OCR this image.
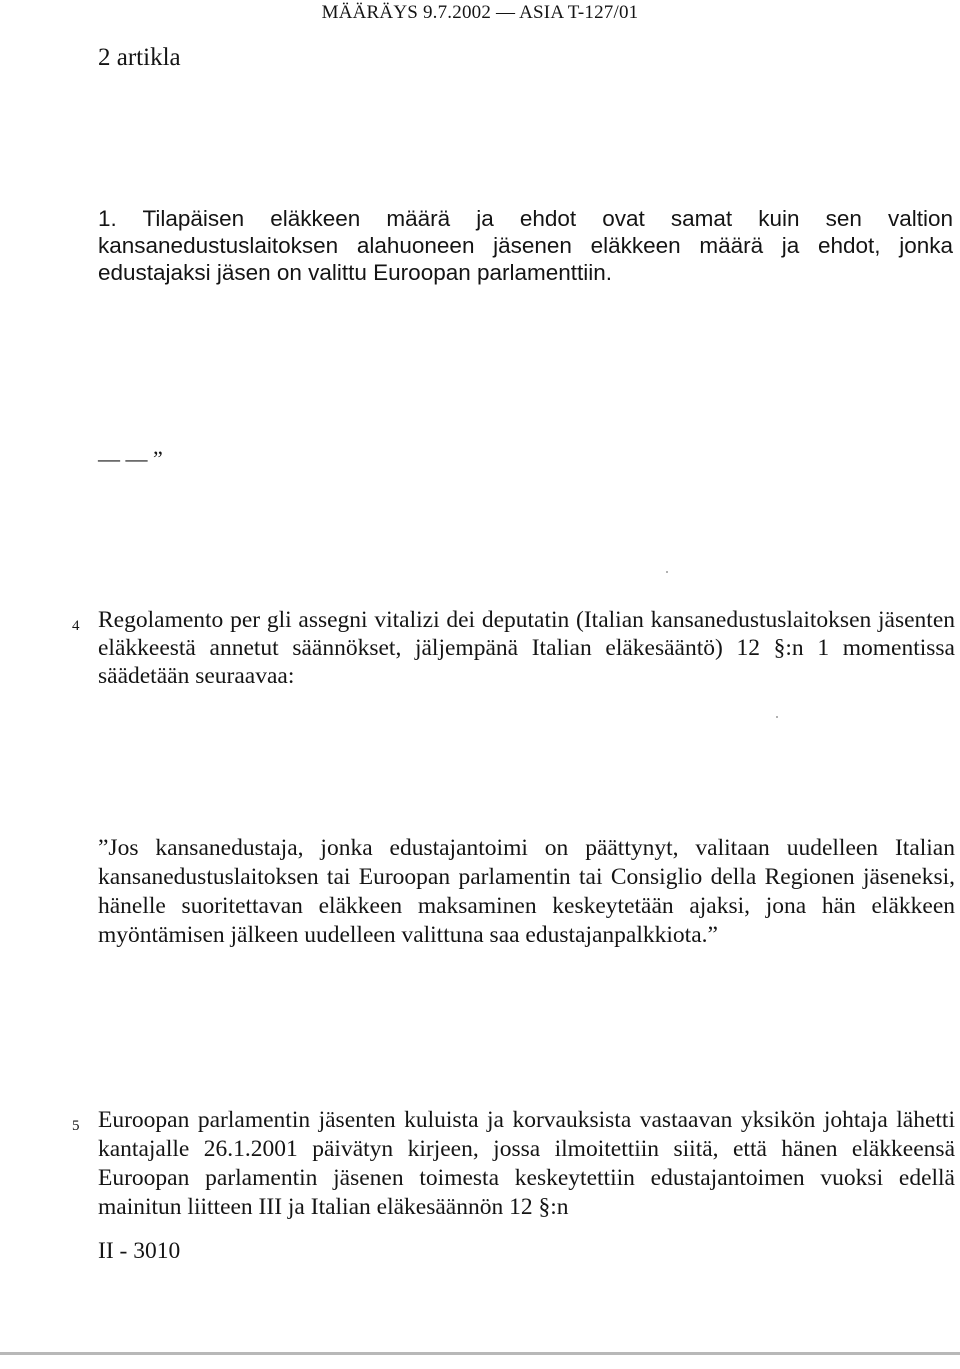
MÄÄRÄYS 9.7.2002 — ASIA T-127/01
2 artikla

1. Tilapäisen eläkkeen määrä ja ehdot ovat samat kuin sen valtion kansanedustuslaitoksen alahuoneen jäsenen eläkkeen määrä ja ehdot, jonka edustajaksi jäsen on valittu Euroopan parlamenttiin.

— — ”
4 Regolamento per gli assegni vitalizi dei deputatin (Italian kansanedustuslaitoksen jäsenten eläkkeestä annetut säännökset, jäljempänä Italian eläkesääntö) 12 §:n 1 momentissa säädetään seuraavaa:

”Jos kansanedustaja, jonka edustajantoimi on päättynyt, valitaan uudelleen Italian kansanedustuslaitoksen tai Euroopan parlamentin tai Consiglio della Regionen jäseneksi, hänelle suoritettavan eläkkeen maksaminen keskeytetään ajaksi, jona hän eläkkeen myöntämisen jälkeen uudelleen valittuna saa edustajanpalkkiota.”

5 Euroopan parlamentin jäsenten kuluista ja korvauksista vastaavan yksikön johtaja lähetti kantajalle 26.1.2001 päivätyn kirjeen, jossa ilmoitettiin siitä, että hänen eläkkeensä Euroopan parlamentin jäsenen toimesta keskeytettiin edustajantoimen vuoksi edellä mainitun liitteen III ja Italian eläkesäännön 12 §:n

II - 3010
